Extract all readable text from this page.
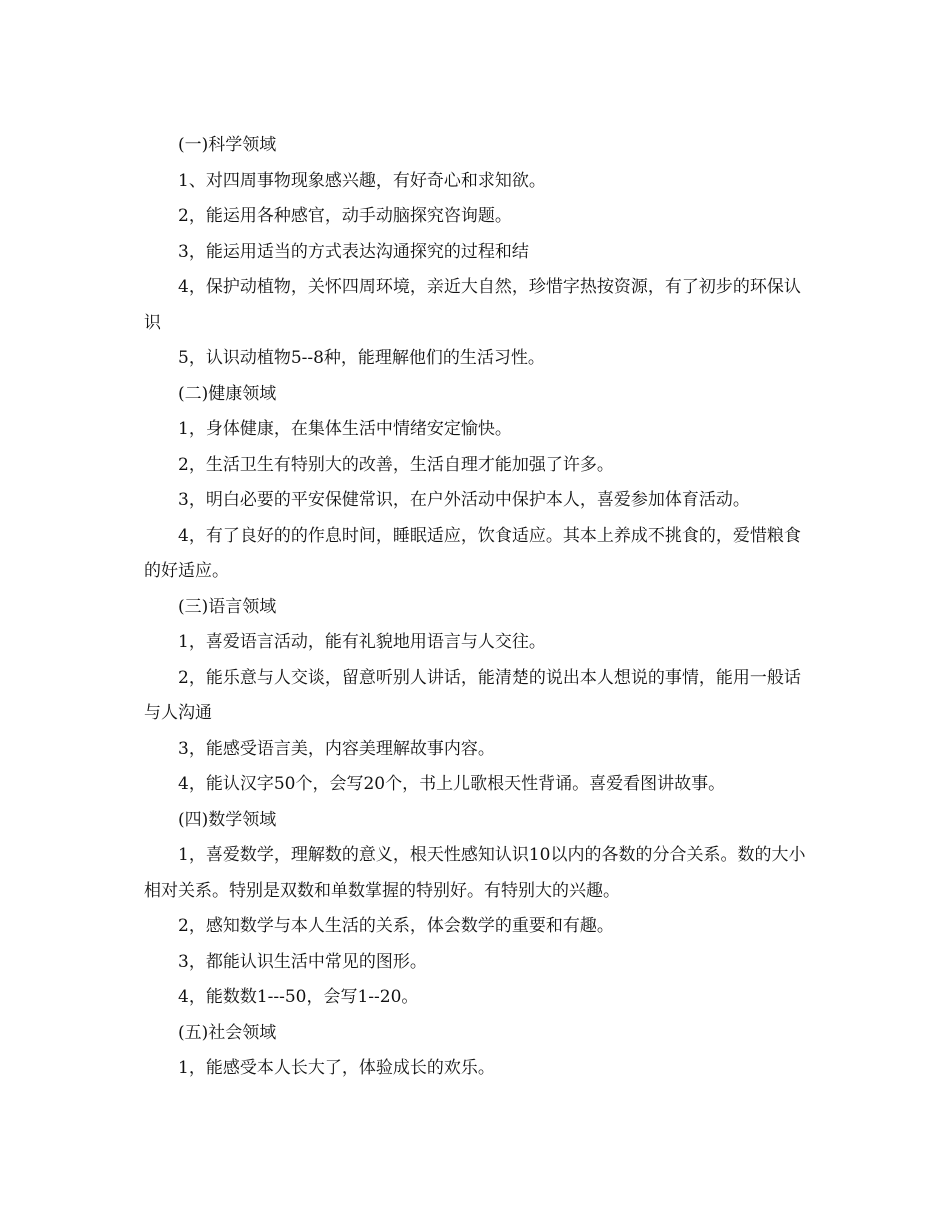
(一)科学领域

1、对四周事物现象感兴趣，有好奇心和求知欲。

2，能运用各种感官，动手动脑探究咨询题。

3，能运用适当的方式表达沟通探究的过程和结

4，保护动植物，关怀四周环境，亲近大自然，珍惜字热按资源，有了初步的环保认识

5，认识动植物5--8种，能理解他们的生活习性。

(二)健康领域

1，身体健康，在集体生活中情绪安定愉快。

2，生活卫生有特别大的改善，生活自理才能加强了许多。

3，明白必要的平安保健常识，在户外活动中保护本人，喜爱参加体育活动。

4，有了良好的的作息时间，睡眠适应，饮食适应。其本上养成不挑食的，爱惜粮食的好适应。

(三)语言领域

1，喜爱语言活动，能有礼貌地用语言与人交往。

2，能乐意与人交谈，留意听别人讲话，能清楚的说出本人想说的事情，能用一般话与人沟通

3，能感受语言美，内容美理解故事内容。

4，能认汉字50个，会写20个，书上儿歌根天性背诵。喜爱看图讲故事。

(四)数学领域

1，喜爱数学，理解数的意义，根天性感知认识10以内的各数的分合关系。数的大小相对关系。特别是双数和单数掌握的特别好。有特别大的兴趣。

2，感知数学与本人生活的关系，体会数学的重要和有趣。

3，都能认识生活中常见的图形。

4，能数数1---50，会写1--20。

(五)社会领域

1，能感受本人长大了，体验成长的欢乐。
